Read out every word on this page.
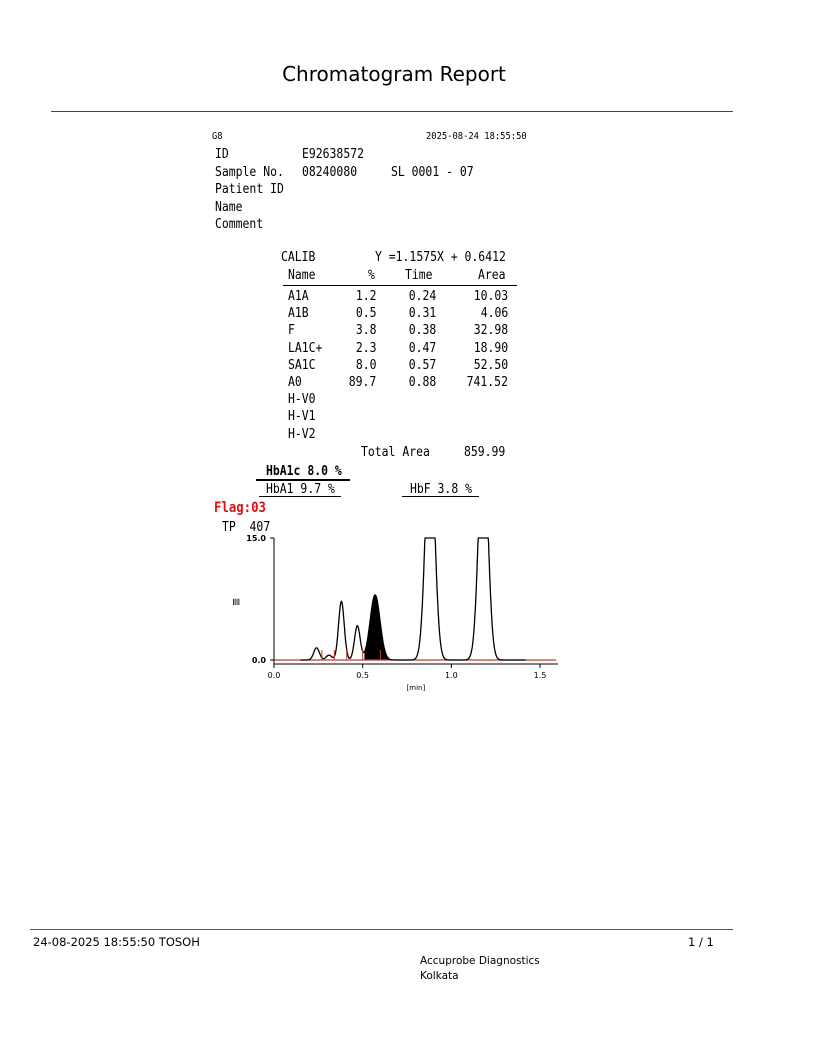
Chromatogram Report
G8	2025-08-24 18:55:50
ID	E92638572
Sample No. 08240080	SL 0001 - 07
Patient ID
Name
Comment
CALIB	Y =1.1575X + 0.6412
Name	% Time	Area
A1A	1.2 0.24	10.03
A1B	0.5 0.31	4.06
F	3.8 0.38	32.98
LA1C+	2.3 0.47	18.90
SA1C	8.0 0.57	52.50
A0	89.7 0.88 741.52
H-V0
H-V1
H-V2
Total Area	859.99
HbA1c 8.0 %
HbA1 9.7 %	HbF 3.8 %
Flag:03
TP  407
0.0
15.0
0.0	0.5	1.0	1.5
[min]
≣
24-08-2025 18:55:50 TOSOH	1 / 1
Accuprobe Diagnostics
Kolkata
